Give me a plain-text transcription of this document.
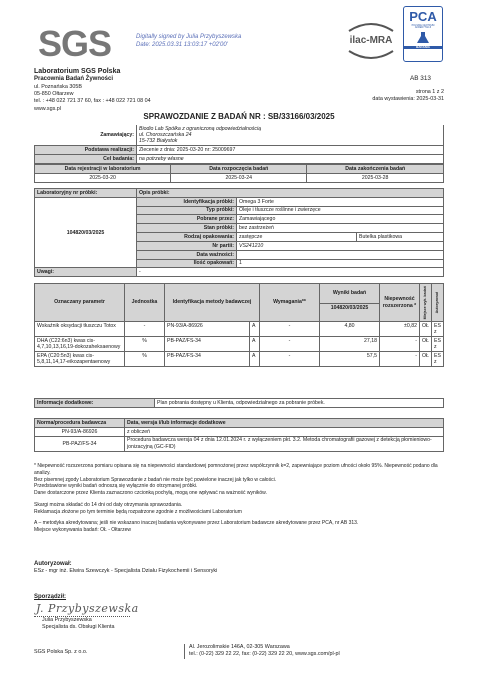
SGS	Digitally signed by Julia Przybyszewska
Date: 2025.03.31 13:03:17 +02'00'	ilac-MRA
PCA
POLSKIE CENTRUM AKREDYTACJI
BADANIA
AB 313
Laboratorium SGS Polska
Pracownia Badań Żywności
ul. Poznańska 305B
05-850 Ołtarzew
tel. : +48 022 721 37 60, fax : +48 022 721 08 04
www.sgs.pl
strona 1 z 2
data wystawienia: 2025-03-31
SPRAWOZDANIE Z BADAŃ NR : SB/33166/03/2025
Zamawiający:	Biodio Lab Spółka z ograniczoną odpowiedzialnością
ul. Choroszczańska 24
15-732 Białystok

Podstawa realizacji:	Zlecenie z dnia: 2025-03-20 nr: 25009697
Cel badania:	na potrzeby własne
Data rejestracji w laboratorium	Data rozpoczęcia badań	Data zakończenia badań
2025-03-20	2025-03-24	2025-03-28
Laboratoryjny nr próbki:	Opis próbki:		
104820/03/2025	Identyfikacja próbki:	Omega 3 Forte	
	Typ próbki:	Oleje i tłuszcze roślinne i zwierzęce	
	Pobrane przez:	Zamawiającego	
	Stan próbki:	bez zastrzeżeń	
	Rodzaj opakowania:	zastępcze	Butelka plastikowa
	Nr partii:	VS241210	
	Data ważności:		
	Ilość opakowań:	1	
Uwagi:	-		
Oznaczany parametr	Jednostka	Identyfikacja metody badawczej		Wymagania**	Wyniki badań	Niepewność rozszerzona *	Miejsce wyk. badań	Autoryzował

					104820/03/2025			
Wskaźnik oksydacji tłuszczu Totox	-	PN-93/A-86926	A	-	4,80	±0,82	OŁ	ES z
DHA (C22:6n3) kwas cis-4,7,10,13,16,19-dokozaheksaenowy	%	PB-PAZ/FS-34	A	-	27,18	-	OŁ	ES z
EPA (C20:5n3) kwas cis-5,8,11,14,17-eikozapentaenowy	%	PB-PAZ/FS-34	A	-	57,5	-	OŁ	ES z
Informacje dodatkowe:	Plan pobrania dostępny u Klienta, odpowiedzialnego za pobranie próbek.
Norma/procedura badawcza	Data, wersja i/lub informacje dodatkowe
PN-93/A-86926	z obliczeń
PB-PAZ/FS-34	Procedura badawcza wersja 04 z dnia 12.01.2024 r. z wyłączeniem pkt. 3.2. Metoda chromatografii gazowej z detekcją płomieniowo-jonizacyjną (GC-FID)
* Niepewność rozszerzona pomiaru opisana się na niepewności standardowej pomnożonej przez współczynnik k=2, zapewniające poziom ufności około 95%. Niepewność podano dla analizy.
Bez pisemnej zgody Laboratorium Sprawozdanie z badań nie może być powielone inaczej jak tylko w całości.
Przedstawione wyniki badań odnoszą się wyłącznie do otrzymanej próbki.
Dane dostarczone przez Klienta zaznaczono czcionką pochyłą, mogą one wpływać na ważność wyników.
Skargi można składać do 14 dni od daty otrzymania sprawozdania.
Reklamacja złożone po tym terminie będą rozpatrzone zgodnie z możliwościami Laboratorium
A – metodyka akredytowana; jeśli nie wskazano inaczej badania wykonywane przez Laboratorium badawcze akredytowane przez PCA, nr AB 313.
Miejsce wykonywania badań: OŁ - Ołtarzew
Autoryzował:
ESz - mgr inż. Elwira Szewczyk - Specjalista Działu Fizykochemii i Sensoryki
Sporządził:
J. Przybyszewska
Julia Przybyszewska
Specjalista ds. Obsługi Klienta
SGS Polska Sp. z o.o.
Al. Jerozolimskie 146A, 02-305 Warszawa
tel.: (0-22) 329 22 22, fax: (0-22) 329 22 20, www.sgs.com/pl-pl
